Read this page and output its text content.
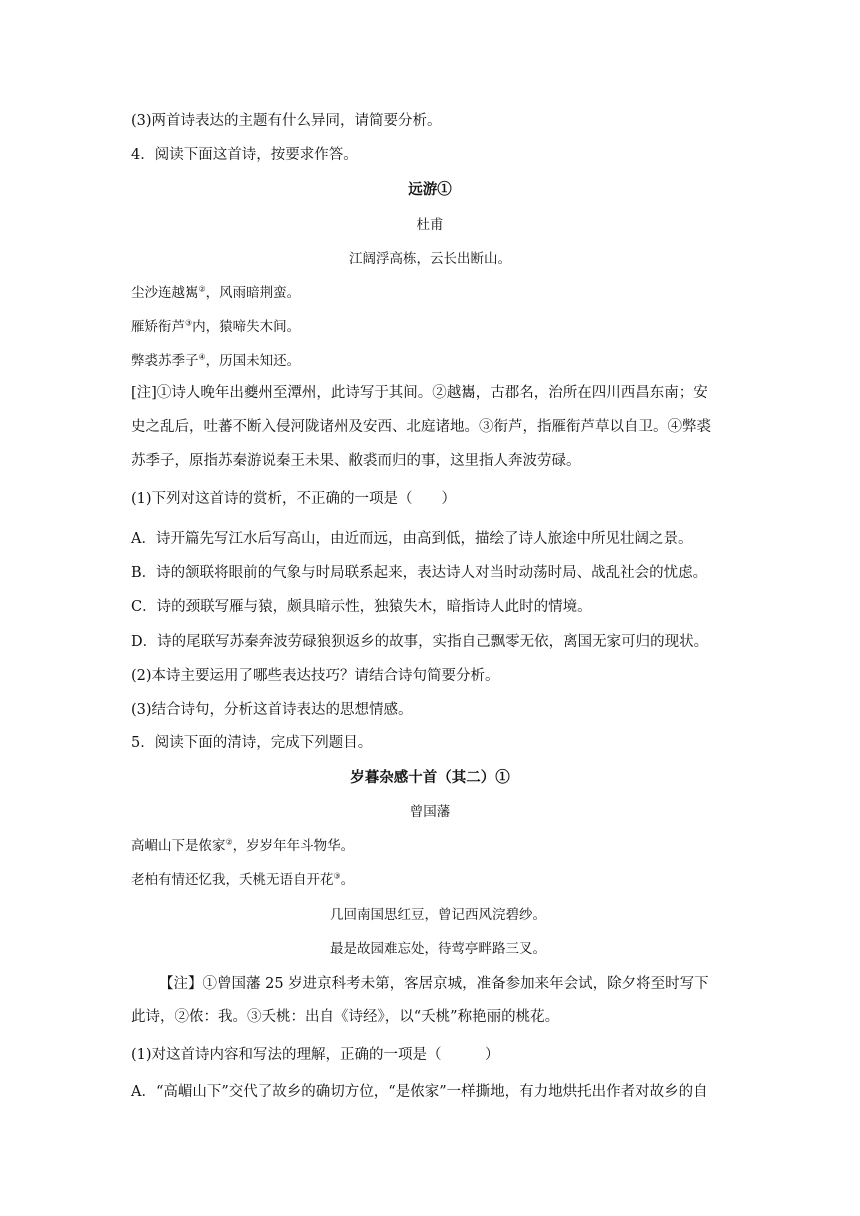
(3)两首诗表达的主题有什么异同，请简要分析。
4．阅读下面这首诗，按要求作答。
远游①
杜甫
江阔浮高栋，云长出断山。
尘沙连越嶲②，风雨暗荆蛮。
雁矫衔芦③内，猿啼失木间。
弊裘苏季子④，历国未知还。
[注]①诗人晚年出夔州至潭州，此诗写于其间。②越巂，古郡名，治所在四川西昌东南；安
史之乱后，吐蕃不断入侵河陇诸州及安西、北庭诸地。③衔芦，指雁衔芦草以自卫。④弊裘
苏季子，原指苏秦游说秦王未果、敝裘而归的事，这里指人奔波劳碌。
(1)下列对这首诗的赏析，不正确的一项是（　　）
A．诗开篇先写江水后写高山，由近而远，由高到低，描绘了诗人旅途中所见壮阔之景。
B．诗的颔联将眼前的气象与时局联系起来，表达诗人对当时动荡时局、战乱社会的忧虑。
C．诗的颈联写雁与猿，颇具暗示性，独猿失木，暗指诗人此时的情境。
D．诗的尾联写苏秦奔波劳碌狼狈返乡的故事，实指自己飘零无依，离国无家可归的现状。
(2)本诗主要运用了哪些表达技巧？请结合诗句简要分析。
(3)结合诗句，分析这首诗表达的思想情感。
5．阅读下面的清诗，完成下列题目。
岁暮杂感十首（其二）①
曾国藩
高嵋山下是侬家②，岁岁年年斗物华。
老柏有情还忆我，夭桃无语自开花③。
几回南国思红豆，曾记西风浣碧纱。
最是故园难忘处，待莺亭畔路三叉。
【注】①曾国藩 25 岁进京科考未第，客居京城，准备参加来年会试，除夕将至时写下
此诗，②侬：我。③夭桃：出自《诗经》，以“夭桃”称艳丽的桃花。
(1)对这首诗内容和写法的理解，正确的一项是（　　　）
A．“高嵋山下”交代了故乡的确切方位，“是侬家”一样撕地，有力地烘托出作者对故乡的自
